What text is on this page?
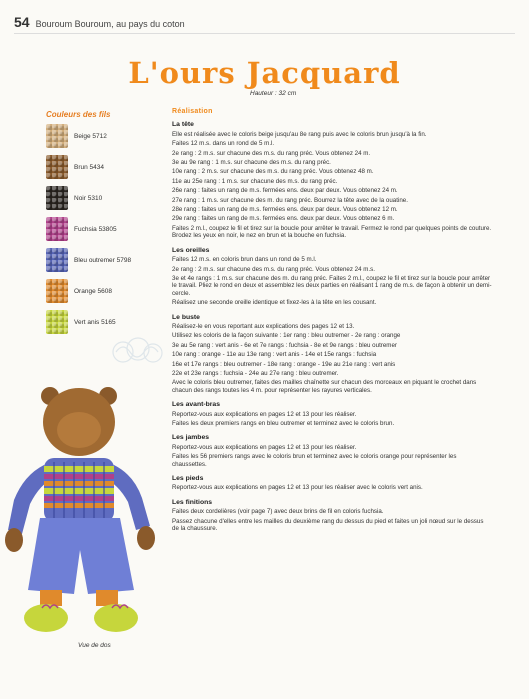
54 Bouroum Bouroum, au pays du coton
L'ours Jacquard
Hauteur : 32 cm
Couleurs des fils
Beige 5712
Brun 5434
Noir 5310
Fuchsia 53805
Bleu outremer 5798
Orange 5608
Vert anis 5165
Vue de dos
Réalisation
La tête

Elle est réalisée avec le coloris beige jusqu'au 8e rang puis avec le coloris brun jusqu'à la fin.

Faites 12 m.s. dans un rond de 5 m.l.

2e rang : 2 m.s. sur chacune des m.s. du rang préc. Vous obtenez 24 m.

3e au 9e rang : 1 m.s. sur chacune des m.s. du rang préc.

10e rang : 2 m.s. sur chacune des m.s. du rang préc. Vous obtenez 48 m.

11e au 25e rang : 1 m.s. sur chacune des m.s. du rang préc.

26e rang : faites un rang de m.s. fermées ens. deux par deux. Vous obtenez 24 m.

27e rang : 1 m.s. sur chacune des m. du rang préc. Bourrez la tête avec de la ouatine.

28e rang : faites un rang de m.s. fermées ens. deux par deux. Vous obtenez 12 m.

29e rang : faites un rang de m.s. fermées ens. deux par deux. Vous obtenez 6 m.

Faites 2 m.l., coupez le fil et tirez sur la boucle pour arrêter le travail. Fermez le rond par quelques points de couture. Brodez les yeux en noir, le nez en brun et la bouche en fuchsia.

Les oreilles

Faites 12 m.s. en coloris brun dans un rond de 5 m.l.

2e rang : 2 m.s. sur chacune des m.s. du rang préc. Vous obtenez 24 m.s.

3e et 4e rangs : 1 m.s. sur chacune des m. du rang préc. Faites 2 m.l., coupez le fil et tirez sur la boucle pour arrêter le travail. Pliez le rond en deux et assemblez les deux parties en réalisant 1 rang de m.s. de façon à obtenir un demi-cercle.

Réalisez une seconde oreille identique et fixez-les à la tête en les cousant.

Le buste

Réalisez-le en vous reportant aux explications des pages 12 et 13.

Utilisez les coloris de la façon suivante : 1er rang : bleu outremer - 2e rang : orange

3e au 5e rang : vert anis - 6e et 7e rangs : fuchsia - 8e et 9e rangs : bleu outremer

10e rang : orange - 11e au 13e rang : vert anis - 14e et 15e rangs : fuchsia

16e et 17e rangs : bleu outremer - 18e rang : orange - 19e au 21e rang : vert anis

22e et 23e rangs : fuchsia - 24e au 27e rang : bleu outremer.

Avec le coloris bleu outremer, faites des mailles chaînette sur chacun des morceaux en piquant le crochet dans chacun des rangs toutes les 4 m. pour représenter les rayures verticales.

Les avant-bras

Reportez-vous aux explications en pages 12 et 13 pour les réaliser.

Faites les deux premiers rangs en bleu outremer et terminez avec le coloris brun.

Les jambes

Reportez-vous aux explications en pages 12 et 13 pour les réaliser.

Faites les 56 premiers rangs avec le coloris brun et terminez avec le coloris orange pour représenter les chaussettes.

Les pieds

Reportez-vous aux explications en pages 12 et 13 pour les réaliser avec le coloris vert anis.

Les finitions

Faites deux cordelières (voir page 7) avec deux brins de fil en coloris fuchsia.

Passez chacune d'elles entre les mailles du deuxième rang du dessus du pied et faites un joli nœud sur le dessus de la chaussure.
